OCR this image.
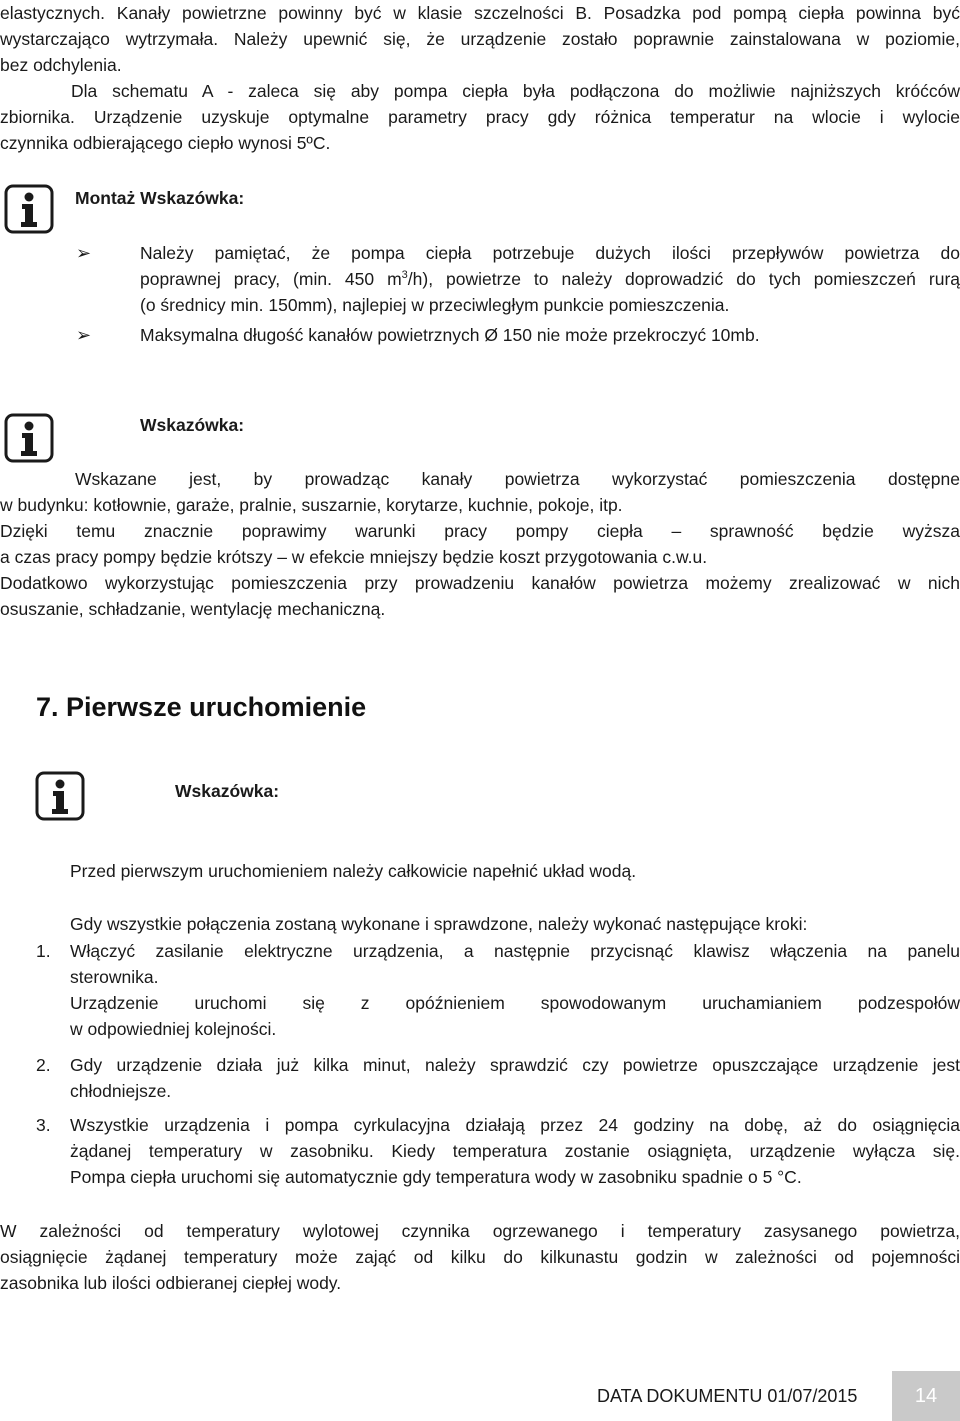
elastycznych. Kanały powietrzne powinny być w klasie szczelności B. Posadzka pod pompą ciepła powinna być
wystarczająco wytrzymała. Należy upewnić się, że urządzenie zostało poprawnie zainstalowana w poziomie,
bez odchylenia.
Dla schematu A - zaleca się aby pompa ciepła była podłączona do możliwie najniższych króćców
zbiornika. Urządzenie uzyskuje optymalne parametry pracy gdy różnica temperatur na wlocie i wylocie
czynnika odbierającego ciepło wynosi 5ºC.
Montaż Wskazówka:
➢	Należy pamiętać, że pompa ciepła potrzebuje dużych ilości przepływów powietrza do
poprawnej pracy, (min. 450 $m^3/h$), powietrze to należy doprowadzić do tych pomieszczeń rurą
(o średnicy min. 150mm), najlepiej w przeciwległym punkcie pomieszczenia.
➢	Maksymalna długość kanałów powietrznych Ø 150 nie może przekroczyć 10mb.
Wskazówka:
Wskazane jest, by prowadząc kanały powietrza wykorzystać pomieszczenia dostępne
w budynku: kotłownie, garaże, pralnie, suszarnie, korytarze, kuchnie, pokoje, itp.
Dzięki temu znacznie poprawimy warunki pracy pompy ciepła – sprawność będzie wyższa
a czas pracy pompy będzie krótszy – w efekcie mniejszy będzie koszt przygotowania c.w.u.
Dodatkowo wykorzystując pomieszczenia przy prowadzeniu kanałów powietrza możemy zrealizować w nich
osuszanie, schładzanie, wentylację mechaniczną.
7. Pierwsze uruchomienie
Wskazówka:
Przed pierwszym uruchomieniem należy całkowicie napełnić układ wodą.
Gdy wszystkie połączenia zostaną wykonane i sprawdzone, należy wykonać następujące kroki:
1. Włączyć zasilanie elektryczne urządzenia, a następnie przycisnąć klawisz włączenia na panelu
sterownika.
Urządzenie uruchomi się z opóźnieniem spowodowanym uruchamianiem podzespołów
w odpowiedniej kolejności.
2. Gdy urządzenie działa już kilka minut, należy sprawdzić czy powietrze opuszczające urządzenie jest
chłodniejsze.
3. Wszystkie urządzenia i pompa cyrkulacyjna działają przez 24 godziny na dobę, aż do osiągnięcia
żądanej temperatury w zasobniku. Kiedy temperatura zostanie osiągnięta, urządzenie wyłącza się.
Pompa ciepła uruchomi się automatycznie gdy temperatura wody w zasobniku spadnie o 5 °C.
W zależności od temperatury wylotowej czynnika ogrzewanego i temperatury zasysanego powietrza,
osiągnięcie żądanej temperatury może zająć od kilku do kilkunastu godzin w zależności od pojemności
zasobnika lub ilości odbieranej ciepłej wody.
DATA DOKUMENTU 01/07/2015	14
